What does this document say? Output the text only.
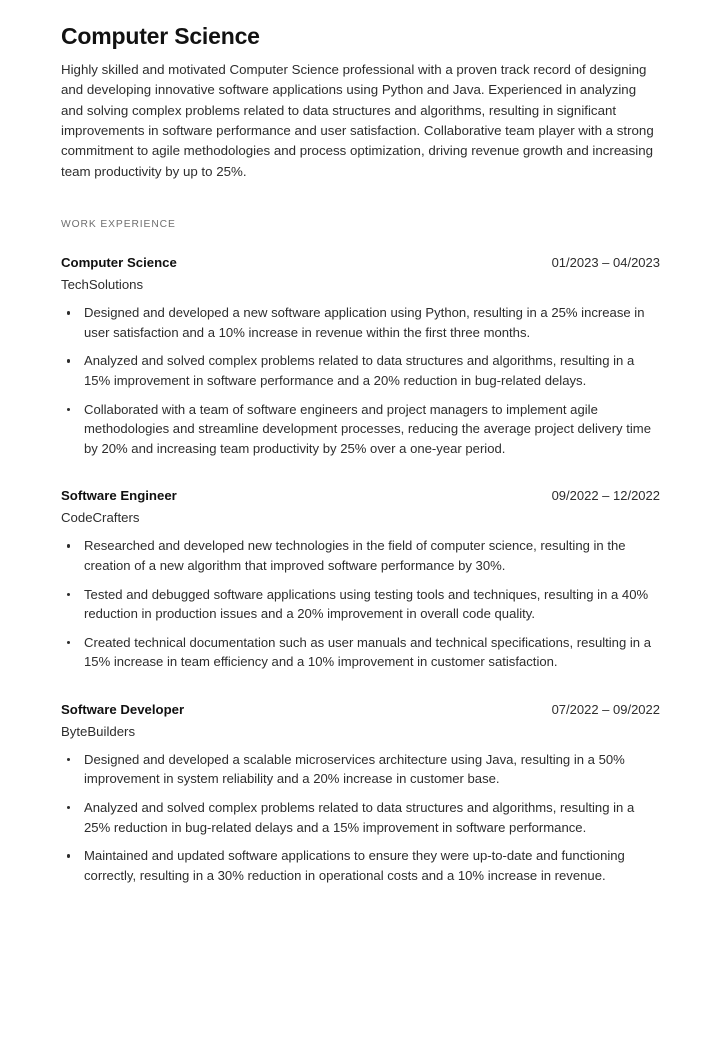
Computer Science

Highly skilled and motivated Computer Science professional with a proven track record of designing and developing innovative software applications using Python and Java. Experienced in analyzing and solving complex problems related to data structures and algorithms, resulting in significant improvements in software performance and user satisfaction. Collaborative team player with a strong commitment to agile methodologies and process optimization, driving revenue growth and increasing team productivity by up to 25%.

WORK EXPERIENCE
Computer Science	01/2023 – 04/2023
TechSolutions
Designed and developed a new software application using Python, resulting in a 25% increase in user satisfaction and a 10% increase in revenue within the first three months.
Analyzed and solved complex problems related to data structures and algorithms, resulting in a 15% improvement in software performance and a 20% reduction in bug-related delays.
Collaborated with a team of software engineers and project managers to implement agile methodologies and streamline development processes, reducing the average project delivery time by 20% and increasing team productivity by 25% over a one-year period.
Software Engineer	09/2022 – 12/2022
CodeCrafters
Researched and developed new technologies in the field of computer science, resulting in the creation of a new algorithm that improved software performance by 30%.
Tested and debugged software applications using testing tools and techniques, resulting in a 40% reduction in production issues and a 20% improvement in overall code quality.
Created technical documentation such as user manuals and technical specifications, resulting in a 15% increase in team efficiency and a 10% improvement in customer satisfaction.
Software Developer	07/2022 – 09/2022
ByteBuilders
Designed and developed a scalable microservices architecture using Java, resulting in a 50% improvement in system reliability and a 20% increase in customer base.
Analyzed and solved complex problems related to data structures and algorithms, resulting in a 25% reduction in bug-related delays and a 15% improvement in software performance.
Maintained and updated software applications to ensure they were up-to-date and functioning correctly, resulting in a 30% reduction in operational costs and a 10% increase in revenue.
